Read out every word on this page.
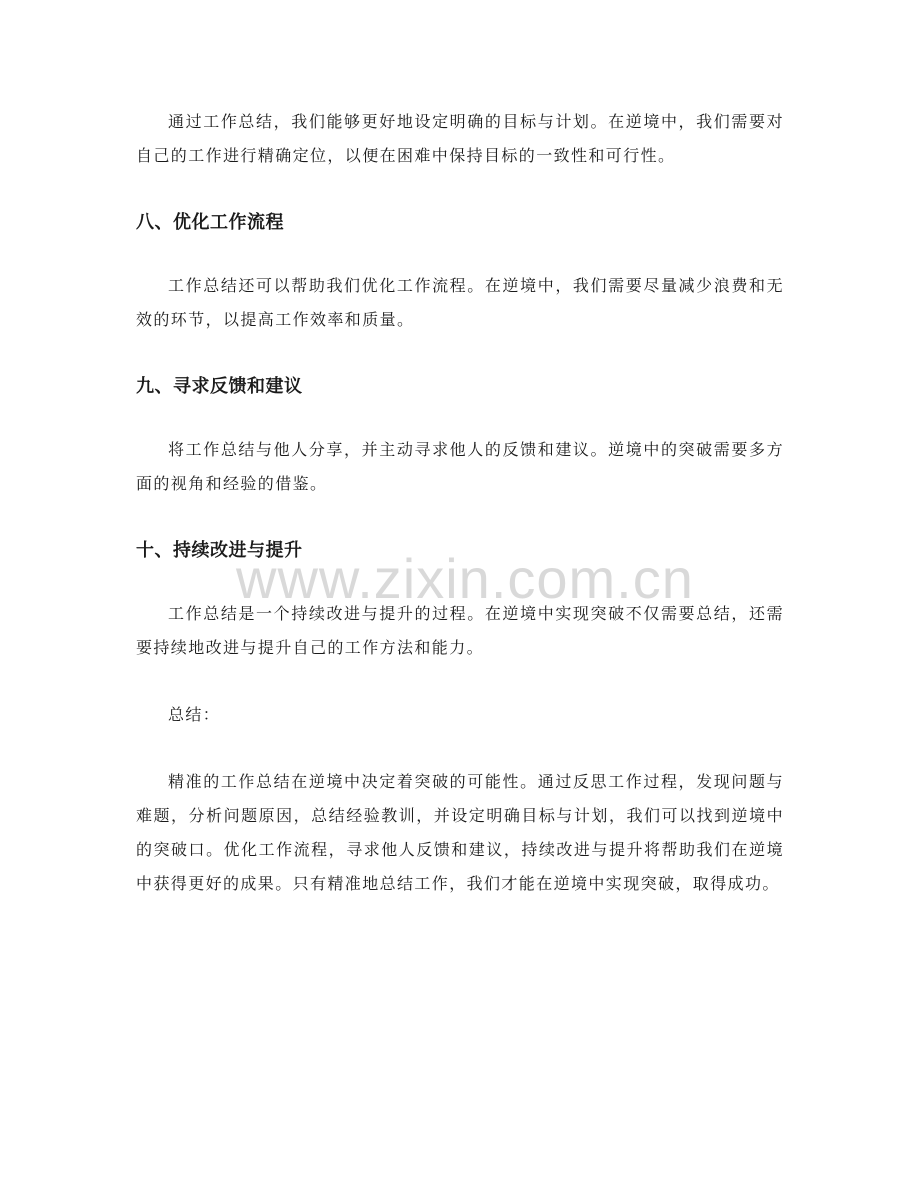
通过工作总结，我们能够更好地设定明确的目标与计划。在逆境中，我们需要对自己的工作进行精确定位，以便在困难中保持目标的一致性和可行性。

八、优化工作流程

工作总结还可以帮助我们优化工作流程。在逆境中，我们需要尽量减少浪费和无效的环节，以提高工作效率和质量。

九、寻求反馈和建议

将工作总结与他人分享，并主动寻求他人的反馈和建议。逆境中的突破需要多方面的视角和经验的借鉴。

十、持续改进与提升

工作总结是一个持续改进与提升的过程。在逆境中实现突破不仅需要总结，还需要持续地改进与提升自己的工作方法和能力。

总结：

精准的工作总结在逆境中决定着突破的可能性。通过反思工作过程，发现问题与难题，分析问题原因，总结经验教训，并设定明确目标与计划，我们可以找到逆境中的突破口。优化工作流程，寻求他人反馈和建议，持续改进与提升将帮助我们在逆境中获得更好的成果。只有精准地总结工作，我们才能在逆境中实现突破，取得成功。

www.zixin.com.cn
